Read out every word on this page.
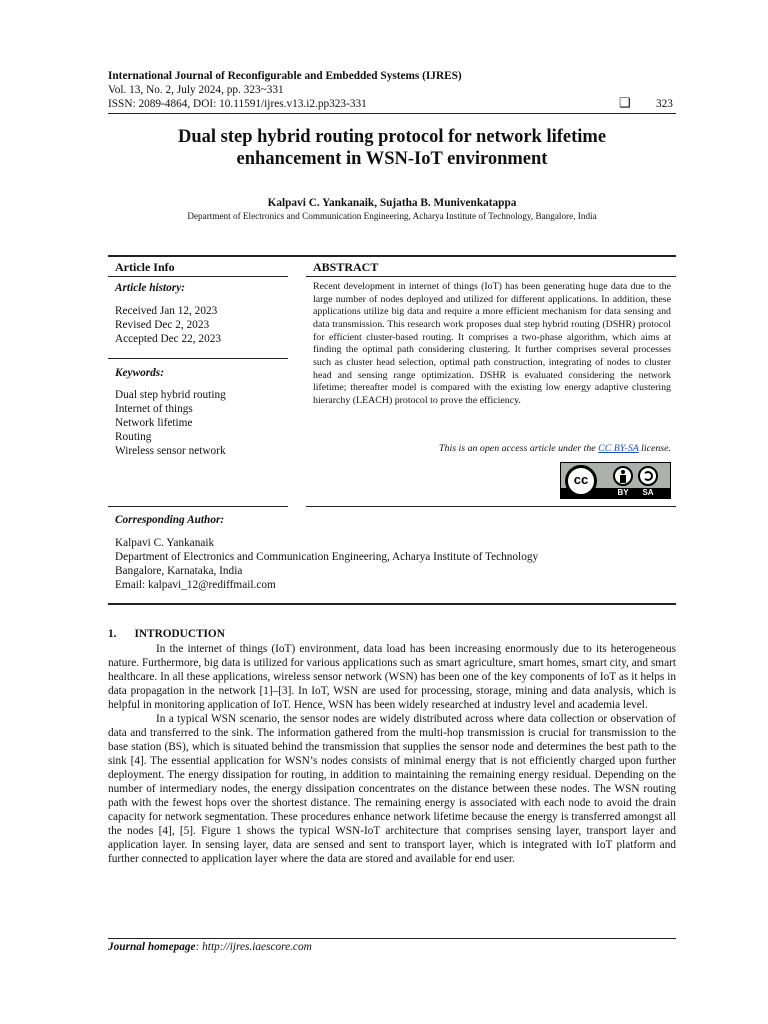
International Journal of Reconfigurable and Embedded Systems (IJRES)
Vol. 13, No. 2, July 2024, pp. 323~331
ISSN: 2089-4864, DOI: 10.11591/ijres.v13.i2.pp323-331	❑ 323
Dual step hybrid routing protocol for network lifetime
enhancement in WSN-IoT environment
Kalpavi C. Yankanaik, Sujatha B. Munivenkatappa
Department of Electronics and Communication Engineering, Acharya Institute of Technology, Bangalore, India
Article Info	ABSTRACT
Article history:
Received Jan 12, 2023
Revised Dec 2, 2023
Accepted Dec 22, 2023
Keywords:
Dual step hybrid routing
Internet of things
Network lifetime
Routing
Wireless sensor network
Recent development in internet of things (IoT) has been generating huge data due to the large number of nodes deployed and utilized for different applications. In addition, these applications utilize big data and require a more efficient mechanism for data sensing and data transmission. This research work proposes dual step hybrid routing (DSHR) protocol for efficient cluster-based routing. It comprises a two-phase algorithm, which aims at finding the optimal path considering clustering. It further comprises several processes such as cluster head selection, optimal path construction, integrating of nodes to cluster head and sensing range optimization. DSHR is evaluated considering the network lifetime; thereafter model is compared with the existing low energy adaptive clustering hierarchy (LEACH) protocol to prove the efficiency.
This is an open access article under the CC BY-SA license.
cc
BY	SA
Corresponding Author:
Kalpavi C. Yankanaik
Department of Electronics and Communication Engineering, Acharya Institute of Technology
Bangalore, Karnataka, India
Email: kalpavi_12@rediffmail.com
1. INTRODUCTION

In the internet of things (IoT) environment, data load has been increasing enormously due to its heterogeneous nature. Furthermore, big data is utilized for various applications such as smart agriculture, smart homes, smart city, and smart healthcare. In all these applications, wireless sensor network (WSN) has been one of the key components of IoT as it helps in data propagation in the network [1]–[3]. In IoT, WSN are used for processing, storage, mining and data analysis, which is helpful in monitoring application of IoT. Hence, WSN has been widely researched at industry level and academia level.

In a typical WSN scenario, the sensor nodes are widely distributed across where data collection or observation of data and transferred to the sink. The information gathered from the multi-hop transmission is crucial for transmission to the base station (BS), which is situated behind the transmission that supplies the sensor node and determines the best path to the sink [4]. The essential application for WSN’s nodes consists of minimal energy that is not efficiently charged upon further deployment. The energy dissipation for routing, in addition to maintaining the remaining energy residual. Depending on the number of intermediary nodes, the energy dissipation concentrates on the distance between these nodes. The WSN routing path with the fewest hops over the shortest distance. The remaining energy is associated with each node to avoid the drain capacity for network segmentation. These procedures enhance network lifetime because the energy is transferred amongst all the nodes [4], [5]. Figure 1 shows the typical WSN-IoT architecture that comprises sensing layer, transport layer and application layer. In sensing layer, data are sensed and sent to transport layer, which is integrated with IoT platform and further connected to application layer where the data are stored and available for end user.

Journal homepage: http://ijres.iaescore.com
